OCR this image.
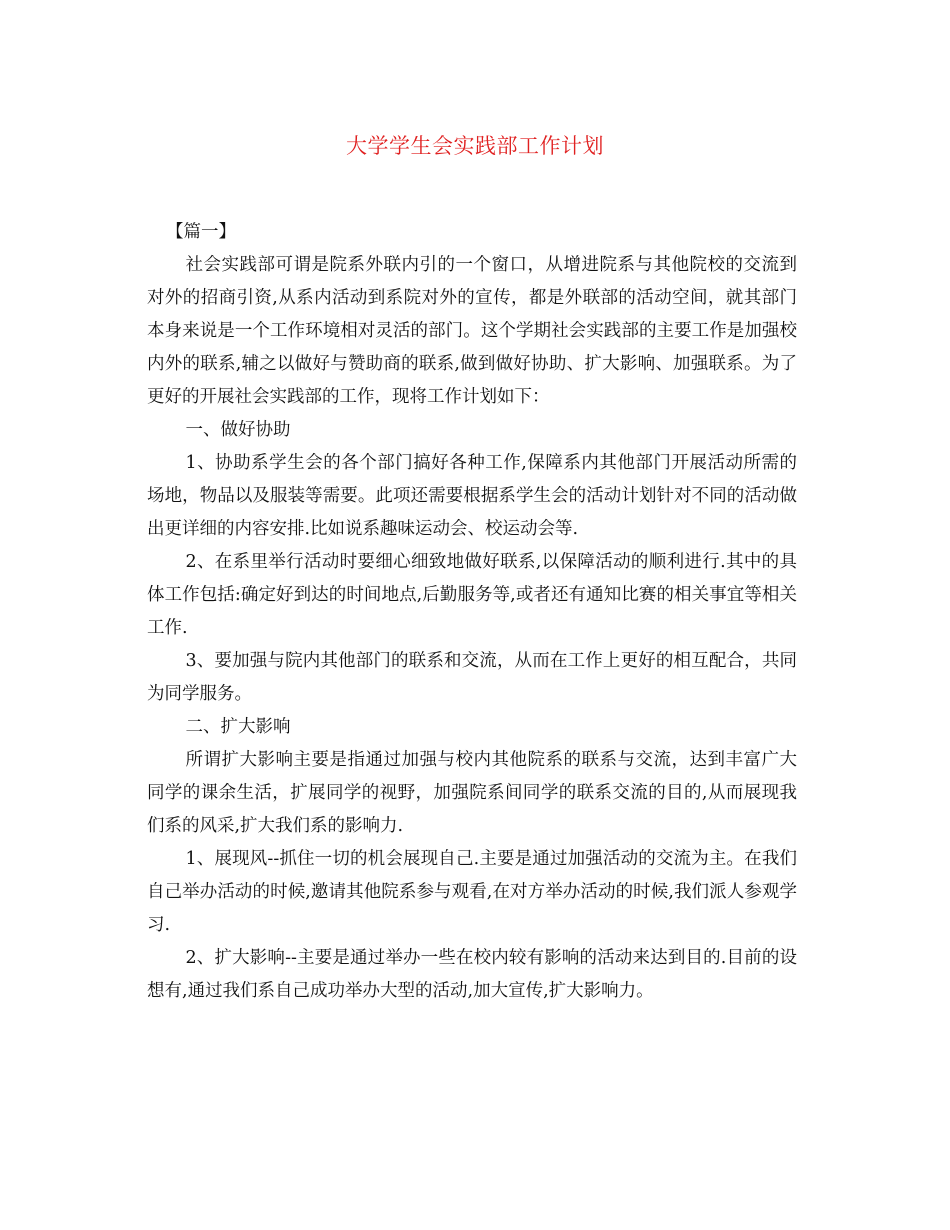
大学学生会实践部工作计划

【篇一】

社会实践部可谓是院系外联内引的一个窗口，从增进院系与其他院校的交流到对外的招商引资,从系内活动到系院对外的宣传，都是外联部的活动空间，就其部门本身来说是一个工作环境相对灵活的部门。这个学期社会实践部的主要工作是加强校内外的联系,辅之以做好与赞助商的联系,做到做好协助、扩大影响、加强联系。为了更好的开展社会实践部的工作，现将工作计划如下：

一、做好协助

1、协助系学生会的各个部门搞好各种工作,保障系内其他部门开展活动所需的场地，物品以及服装等需要。此项还需要根据系学生会的活动计划针对不同的活动做出更详细的内容安排.比如说系趣味运动会、校运动会等.

2、在系里举行活动时要细心细致地做好联系,以保障活动的顺利进行.其中的具体工作包括:确定好到达的时间地点,后勤服务等,或者还有通知比赛的相关事宜等相关工作.

3、要加强与院内其他部门的联系和交流，从而在工作上更好的相互配合，共同为同学服务。

二、扩大影响

所谓扩大影响主要是指通过加强与校内其他院系的联系与交流，达到丰富广大同学的课余生活，扩展同学的视野，加强院系间同学的联系交流的目的,从而展现我们系的风采,扩大我们系的影响力.

1、展现风--抓住一切的机会展现自己.主要是通过加强活动的交流为主。在我们自己举办活动的时候,邀请其他院系参与观看,在对方举办活动的时候,我们派人参观学习.

2、扩大影响--主要是通过举办一些在校内较有影响的活动来达到目的.目前的设想有,通过我们系自己成功举办大型的活动,加大宣传,扩大影响力。
